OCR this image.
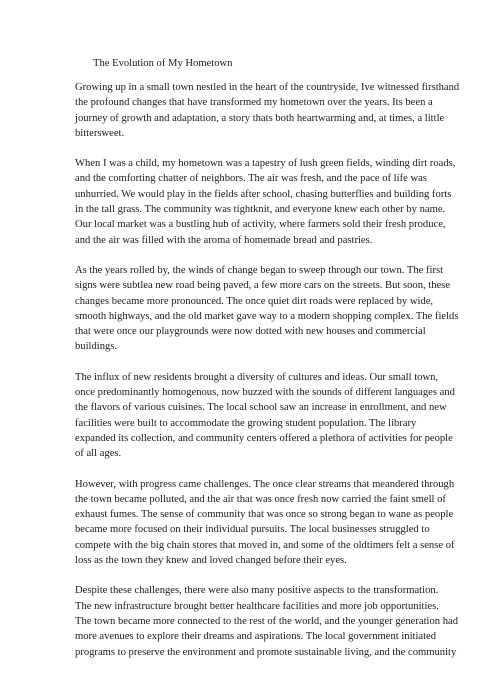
The Evolution of My Hometown

Growing up in a small town nestled in the heart of the countryside, Ive witnessed firsthand
the profound changes that have transformed my hometown over the years. Its been a
journey of growth and adaptation, a story thats both heartwarming and, at times, a little
bittersweet.

When I was a child, my hometown was a tapestry of lush green fields, winding dirt roads,
and the comforting chatter of neighbors. The air was fresh, and the pace of life was
unhurried. We would play in the fields after school, chasing butterflies and building forts
in the tall grass. The community was tightknit, and everyone knew each other by name.
Our local market was a bustling hub of activity, where farmers sold their fresh produce,
and the air was filled with the aroma of homemade bread and pastries.

As the years rolled by, the winds of change began to sweep through our town. The first
signs were subtlea new road being paved, a few more cars on the streets. But soon, these
changes became more pronounced. The once quiet dirt roads were replaced by wide,
smooth highways, and the old market gave way to a modern shopping complex. The fields
that were once our playgrounds were now dotted with new houses and commercial
buildings.

The influx of new residents brought a diversity of cultures and ideas. Our small town,
once predominantly homogenous, now buzzed with the sounds of different languages and
the flavors of various cuisines. The local school saw an increase in enrollment, and new
facilities were built to accommodate the growing student population. The library
expanded its collection, and community centers offered a plethora of activities for people
of all ages.

However, with progress came challenges. The once clear streams that meandered through
the town became polluted, and the air that was once fresh now carried the faint smell of
exhaust fumes. The sense of community that was once so strong began to wane as people
became more focused on their individual pursuits. The local businesses struggled to
compete with the big chain stores that moved in, and some of the oldtimers felt a sense of
loss as the town they knew and loved changed before their eyes.

Despite these challenges, there were also many positive aspects to the transformation.
The new infrastructure brought better healthcare facilities and more job opportunities.
The town became more connected to the rest of the world, and the younger generation had
more avenues to explore their dreams and aspirations. The local government initiated
programs to preserve the environment and promote sustainable living, and the community
